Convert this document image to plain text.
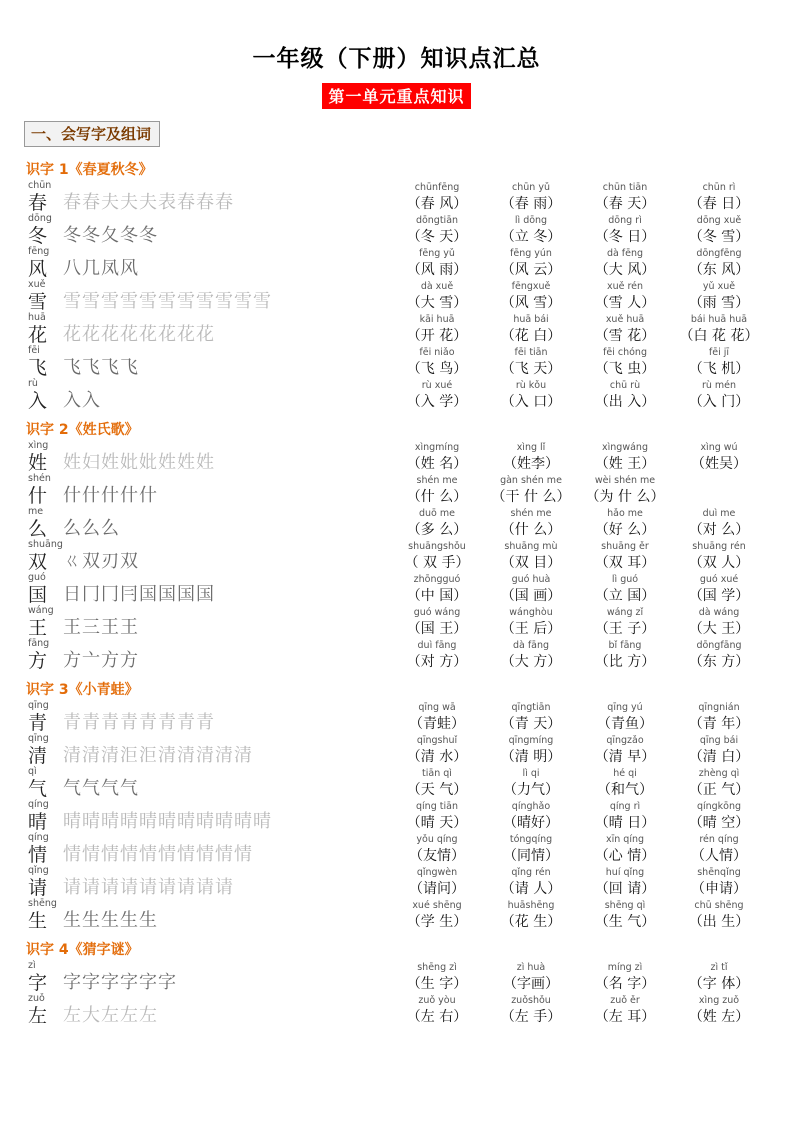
一年级（下册）知识点汇总
第一单元重点知识
一、会写字及组词
识字 1《春夏秋冬》
chūn
春 春 春 夫 夫 夫 表 春 春 春
dōng
冬 冬 冬 夂 冬 冬
fēng
风 八 几 凤 风
xuě
雪 雪 雪 雪 雪 雪 雪 雪 雪 雪 雪 雪
huā
花 花 花 花 花 花 花 花 花
fēi
飞 飞 飞 飞 飞
rù
入 入 入
chūnfēng
（春 风）
chūn yǔ
（春 雨）
chūn tiān
（春 天）
chūn rì
（春 日）
dōngtiān
（冬 天）
lì dōng
（立 冬）
dōng rì
（冬 日）
dōng xuě
（冬 雪）
fēng yǔ
（风 雨）
fēng yún
（风 云）
dà fēng
（大 风）
dōngfēng
（东 风）
dà xuě
（大 雪）
fēngxuě
（风 雪）
xuě rén
（雪 人）
yǔ xuě
（雨 雪）
kāi huā
（开 花）
huā bái
（花 白）
xuě huā
（雪 花）
bái huā huā
（白 花 花）
fēi niǎo
（飞 鸟）
fēi tiān
（飞 天）
fēi chóng
（飞 虫）
fēi jī
（飞 机）
rù xué
（入 学）
rù kǒu
（入 口）
chū rù
（出 入）
rù mén
（入 门）
识字 2《姓氏歌》
xìng
姓 姓 妇 姓 妣 妣 姓 姓 姓
shén
什 什 什 什 什 什
me
么 么 么 么
shuāng
双 ㄍ 双 刃 双
guó
国 日 冂 冂 冃 国 国 国 国
wáng
王 王 三 王 王
fāng
方 方 亠 方 方
xìngmíng
（姓 名）
xìng lǐ
（姓李）
xìngwáng
（姓 王）
xìng wú
（姓吴）
shén me
（什 么）
gàn shén me
（干 什 么）
wèi shén me
（为 什 么）
duō me
（多 么）
shén me
（什 么）
hǎo me
（好 么）
duì me
（对 么）
shuāngshǒu
（ 双 手）
shuāng mù
（双 目）
shuāng ěr
（双 耳）
shuāng rén
（双 人）
zhōngguó
（中 国）
guó huà
（国 画）
lì guó
（立 国）
guó xué
（国 学）
guó wáng
（国 王）
wánghòu
（王 后）
wáng zǐ
（王 子）
dà wáng
（大 王）
duì fāng
（对 方）
dà fāng
（大 方）
bǐ fāng
（比 方）
dōngfāng
（东 方）
识字 3《小青蛙》
qīng
青 青 青 青 青 青 青 青 青
qīng
清 清 清 清 洰 洰 清 清 清 清 清
qì
气 气 气 气 气
qíng
晴 晴 晴 晴 晴 晴 晴 晴 晴 晴 晴 晴
qíng
情 情 情 情 情 情 情 情 情 情 情
qǐng
请 请 请 请 请 请 请 请 请 请
shēng
生 生 生 生 生 生
qīng wā
（青蛙）
qīngtiān
（青 天）
qīng yú
（青鱼）
qīngnián
（青 年）
qīngshuǐ
（清 水）
qīngmíng
（清 明）
qīngzǎo
（清 早）
qīng bái
（清 白）
tiān qì
（天 气）
lì qi
（力气）
hé qi
（和气）
zhèng qì
（正 气）
qíng tiān
（晴 天）
qínghǎo
（晴好）
qíng rì
（晴 日）
qíngkōng
（晴 空）
yǒu qíng
（友情）
tóngqíng
（同情）
xīn qíng
（心 情）
rén qíng
（人情）
qǐngwèn
（请问）
qǐng rén
（请 人）
huí qǐng
（回 请）
shēnqǐng
（申请）
xué shēng
（学 生）
huāshēng
（花 生）
shēng qì
（生 气）
chū shēng
（出 生）
识字 4《猜字谜》
zì
字 字 字 字 字 字 字
zuǒ
左 左 大 左 左 左
shēng zì
（生 字）
zì huà
（字画）
míng zì
（名 字）
zì tǐ
（字 体）
zuǒ yòu
（左 右）
zuǒshǒu
（左 手）
zuǒ ěr
（左 耳）
xìng zuǒ
（姓 左）
